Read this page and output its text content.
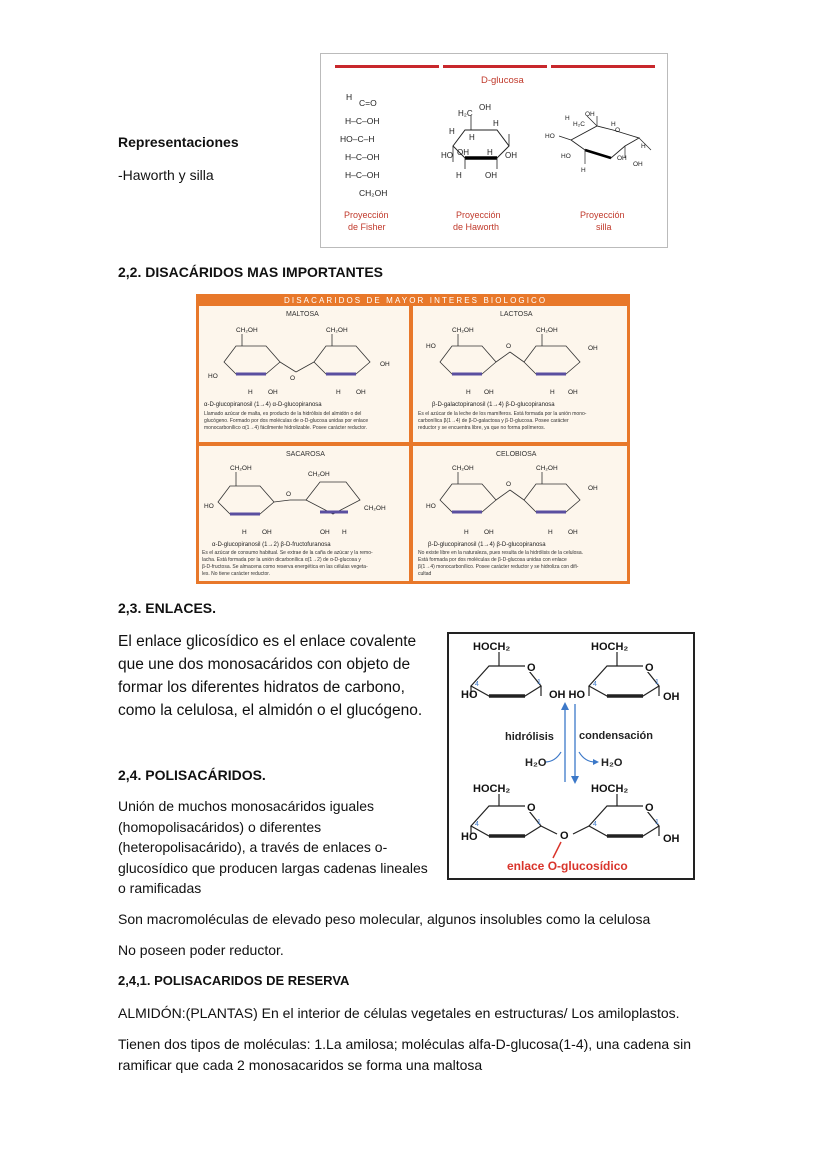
D-glucosa
H
C=O
H–C–OH
HO–C–H
H–C–OH
H–C–OH
CH₂OH
H₂C
OH
H
H
H
OH H
HO	OH
H	OH
OH
H₂C
H
O
HO
H
HO	OH
H
OH
H
Proyección
de Fisher
Proyección
de Haworth
Proyección
silla
Representaciones
-Haworth y silla
2,2. DISACÁRIDOS MAS IMPORTANTES
DISACARIDOS DE MAYOR INTERES BIOLOGICO
MALTOSA
CH₂OH	CH₂OH
HO	O
OH
H OH	H OH
α-D-glucopiranosil (1→4) α-D-glucopiranosa
Llamado azúcar de malta, es producto de la hidrólisis del almidón o del
glucógeno. Formado por dos moléculas de α-D-glucosa unidas por enlace
monocarbonílico α(1→4) fácilmente hidrolizable. Posee carácter reductor.
LACTOSA
CH₂OH	CH₂OH
HO	O	OH
H OH	H OH
β-D-galactopiranosil (1→4) β-D-glucopiranosa
Es el azúcar de la leche de los mamíferos. Está formada por la unión mono-
carbonílica β(1→4) de β-D-galactosa y β-D-glucosa. Posee carácter
reductor y se encuentra libre, ya que no forma polímeros.
SACAROSA
CH₂OH
CH₂OH
HO
O
CH₂OH
H OH	OH H
α-D-glucopiranosil (1→2) β-D-fructofuranosa
Es el azúcar de consumo habitual. Se extrae de la caña de azúcar y la remo-
lacha. Está formada por la unión dicarbonílica α(1→2) de α-D-glucosa y
β-D-fructosa. Se almacena como reserva energética en las células vegeta-
les. No tiene carácter reductor.
CELOBIOSA
CH₂OH	CH₂OH
HO
O
OH
H OH	H OH
β-D-glucopiranosil (1→4) β-D-glucopiranosa
No existe libre en la naturaleza, pues resulta de la hidrólisis de la celulosa.
Está formada por dos moléculas de β-D-glucosa unidas con enlace
β(1→4) monocarbonílico. Posee carácter reductor y se hidroliza con difi-
cultad
2,3. ENLACES.
El enlace glicosídico es el enlace covalente
que une dos monosacáridos con objeto de
formar los diferentes hidratos de carbono,
como la celulosa, el almidón o el glucógeno.
HOCH₂	HOCH₂
O	O
HO	OH HO	OH
4	1	4	1
hidrólisis condensación
H₂O	H₂O
HOCH₂	HOCH₂
O	O
O
HO	OH
4	1	4	1
enlace O-glucosídico
2,4. POLISACÁRIDOS.
Unión de muchos monosacáridos iguales
(homopolisacáridos) o diferentes
(heteropolisacárido), a través de enlaces o-
glucosídico que producen largas cadenas lineales
o ramificadas
Son macromoléculas de elevado peso molecular, algunos insolubles como la celulosa
No poseen poder reductor.
2,4,1. POLISACARIDOS DE RESERVA
ALMIDÓN:(PLANTAS) En el interior de células vegetales en estructuras/ Los amiloplastos.
Tienen dos tipos de moléculas: 1.La amilosa; moléculas alfa-D-glucosa(1-4), una cadena sin
ramificar que cada 2 monosacaridos se forma una maltosa
